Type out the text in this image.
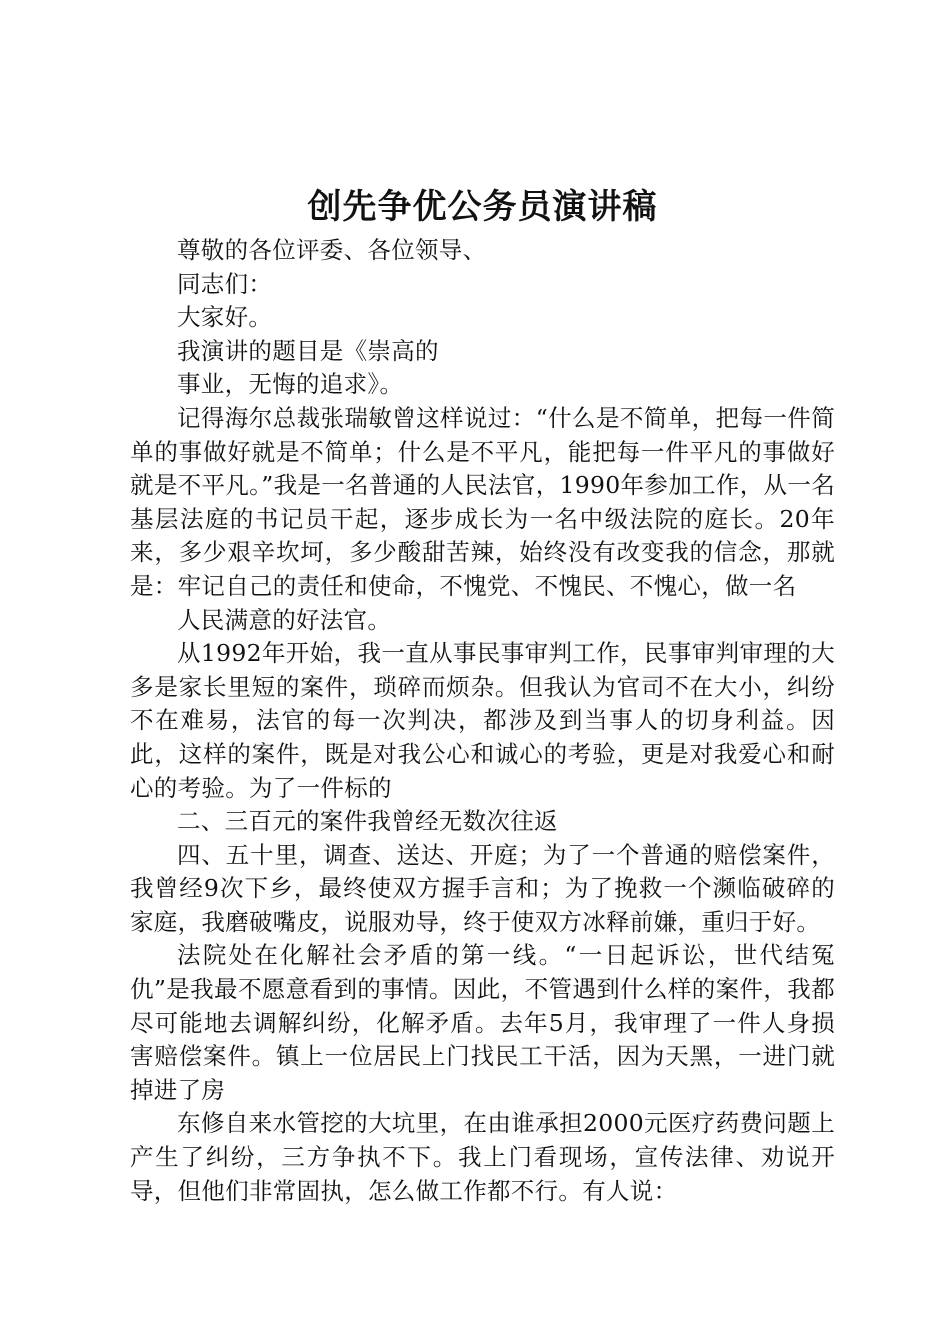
创先争优公务员演讲稿

尊敬的各位评委、各位领导、

同志们：

大家好。

我演讲的题目是《崇高的

事业，无悔的追求》。

记得海尔总裁张瑞敏曾这样说过：“什么是不简单，把每一件简单的事做好就是不简单；什么是不平凡，能把每一件平凡的事做好就是不平凡。”我是一名普通的人民法官，1990年参加工作，从一名基层法庭的书记员干起，逐步成长为一名中级法院的庭长。20年来，多少艰辛坎坷，多少酸甜苦辣，始终没有改变我的信念，那就是：牢记自己的责任和使命，不愧党、不愧民、不愧心，做一名

人民满意的好法官。

从1992年开始，我一直从事民事审判工作，民事审判审理的大多是家长里短的案件，琐碎而烦杂。但我认为官司不在大小，纠纷不在难易，法官的每一次判决，都涉及到当事人的切身利益。因此，这样的案件，既是对我公心和诚心的考验，更是对我爱心和耐心的考验。为了一件标的

二、三百元的案件我曾经无数次往返

四、五十里，调查、送达、开庭；为了一个普通的赔偿案件，我曾经9次下乡，最终使双方握手言和；为了挽救一个濒临破碎的家庭，我磨破嘴皮，说服劝导，终于使双方冰释前嫌，重归于好。

法院处在化解社会矛盾的第一线。“一日起诉讼，世代结冤仇”是我最不愿意看到的事情。因此，不管遇到什么样的案件，我都尽可能地去调解纠纷，化解矛盾。去年5月，我审理了一件人身损害赔偿案件。镇上一位居民上门找民工干活，因为天黑，一进门就掉进了房

东修自来水管挖的大坑里，在由谁承担2000元医疗药费问题上产生了纠纷，三方争执不下。我上门看现场，宣传法律、劝说开导，但他们非常固执，怎么做工作都不行。有人说：
